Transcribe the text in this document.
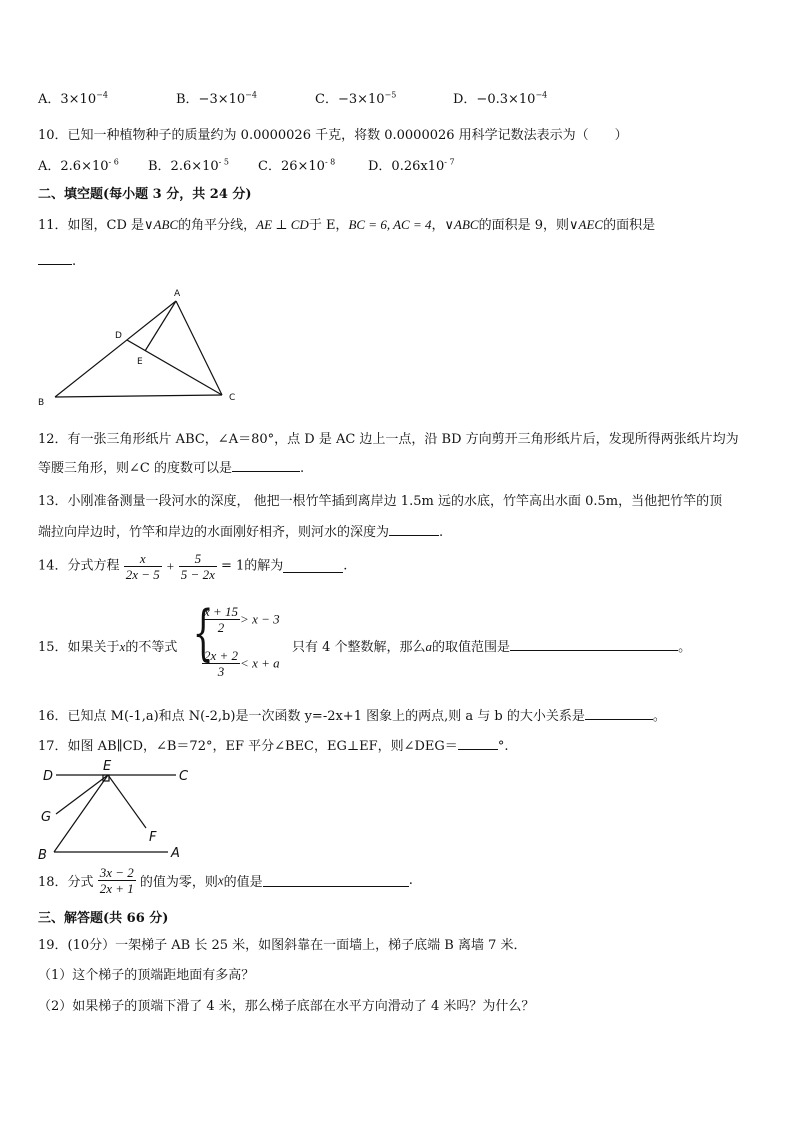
A．$3\times 10^{-4}$	B．$-3\times 10^{-4}$	C．$-3\times 10^{-5}$	D．$-0.3\times 10^{-4}$
10．已知一种植物种子的质量约为 0.0000026 千克，将数 0.0000026 用科学记数法表示为（　　）
A．$2.6\times 10^{- 6}$ B．$2.6\times 10^{- 5}$ C．$26\times 10^{- 8}$	D．$0.26x10^{- 7}$
二、填空题(每小题 3 分，共 24 分)
11．如图，CD 是∨ABC的角平分线，AE ⊥ CD于 E，BC = 6, AC = 4，∨ABC的面积是 9，则∨AEC的面积是
.
A
B	C
D
E
12．有一张三角形纸片 ABC，∠A＝80°，点 D 是 AC 边上一点，沿 BD 方向剪开三角形纸片后，发现所得两张纸片均为
等腰三角形，则∠C 的度数可以是	.
13．小刚准备测量一段河水的深度， 他把一根竹竿插到离岸边 1.5m 远的水底，竹竿高出水面 0.5m，当他把竹竿的顶
端拉向岸边时，竹竿和岸边的水面刚好相齐，则河水的深度为	.
14．分式方程 $\frac{x}{2x - 5} + \frac{5}{5 - 2x} = 1$的解为	.
15．如果关于x的不等式 {
$\frac{x + 15}{2} > x - 3$
$\frac{2x + 2}{3} < x + a$
只有 4 个整数解，那么a的取值范围是	。
16．已知点 M(-1,a)和点 N(-2,b)是一次函数 y=-2x+1 图象上的两点,则 a 与 b 的大小关系是	。
17．如图 AB∥CD，∠B＝72°，EF 平分∠BEC，EG⊥EF，则∠DEG＝	°.
D
E
C
G
F
B	A
18．分式 $\frac{3x - 2}{2x + 1}$ 的值为零，则x的值是	.
三、解答题(共 66 分)
19．(10分）一架梯子 AB 长 25 米，如图斜靠在一面墙上，梯子底端 B 离墙 7 米．
（1）这个梯子的顶端距地面有多高？
（2）如果梯子的顶端下滑了 4 米，那么梯子底部在水平方向滑动了 4 米吗？为什么？
